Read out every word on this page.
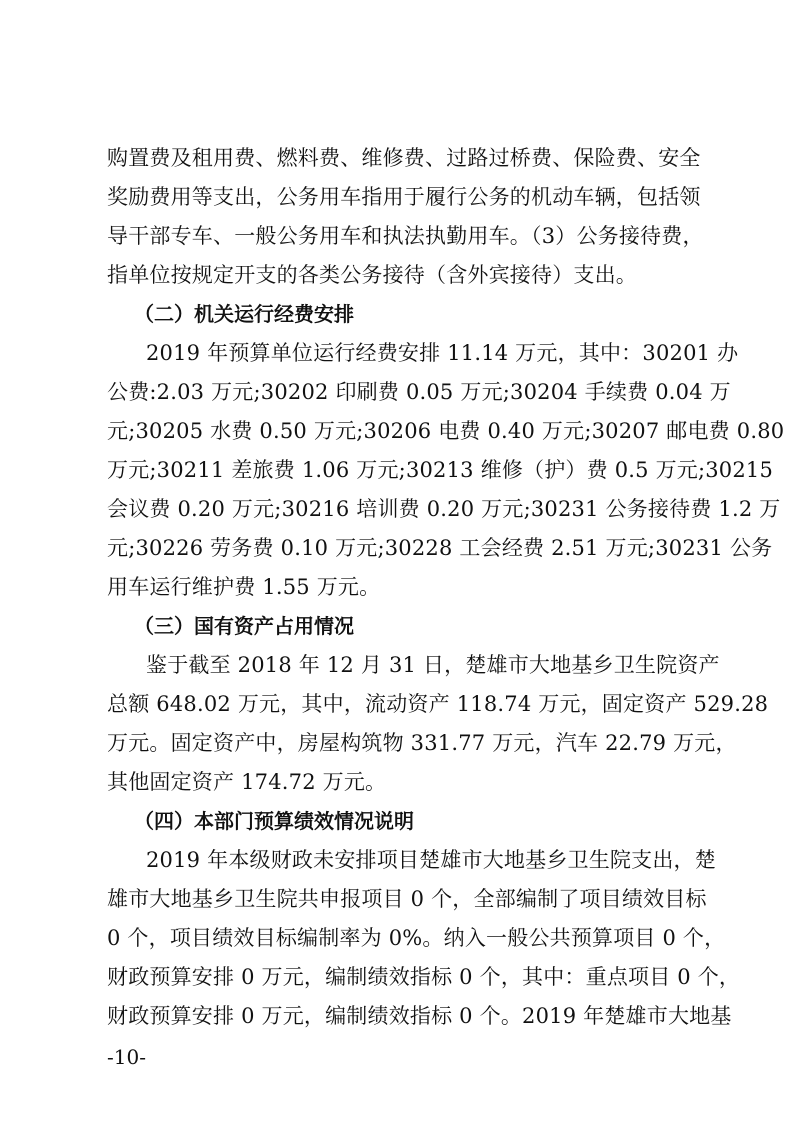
购置费及租用费、燃料费、维修费、过路过桥费、保险费、安全
奖励费用等支出，公务用车指用于履行公务的机动车辆，包括领
导干部专车、一般公务用车和执法执勤用车。（3）公务接待费，
指单位按规定开支的各类公务接待（含外宾接待）支出。
（二）机关运行经费安排
2019 年预算单位运行经费安排 11.14 万元，其中：30201 办
公费:2.03 万元;30202 印刷费 0.05 万元;30204 手续费 0.04 万
元;30205 水费 0.50 万元;30206 电费 0.40 万元;30207 邮电费 0.80
万元;30211 差旅费 1.06 万元;30213 维修（护）费 0.5 万元;30215
会议费 0.20 万元;30216 培训费 0.20 万元;30231 公务接待费 1.2 万
元;30226 劳务费 0.10 万元;30228 工会经费 2.51 万元;30231 公务
用车运行维护费 1.55 万元。
（三）国有资产占用情况
鉴于截至 2018 年 12 月 31 日，楚雄市大地基乡卫生院资产
总额 648.02 万元，其中，流动资产 118.74 万元，固定资产 529.28
万元。固定资产中，房屋构筑物 331.77 万元，汽车 22.79 万元，
其他固定资产 174.72 万元。
（四）本部门预算绩效情况说明
2019 年本级财政未安排项目楚雄市大地基乡卫生院支出，楚
雄市大地基乡卫生院共申报项目 0 个，全部编制了项目绩效目标
0 个，项目绩效目标编制率为 0%。纳入一般公共预算项目 0 个，
财政预算安排 0 万元，编制绩效指标 0 个，其中：重点项目 0 个，
财政预算安排 0 万元，编制绩效指标 0 个。2019 年楚雄市大地基
-10-
